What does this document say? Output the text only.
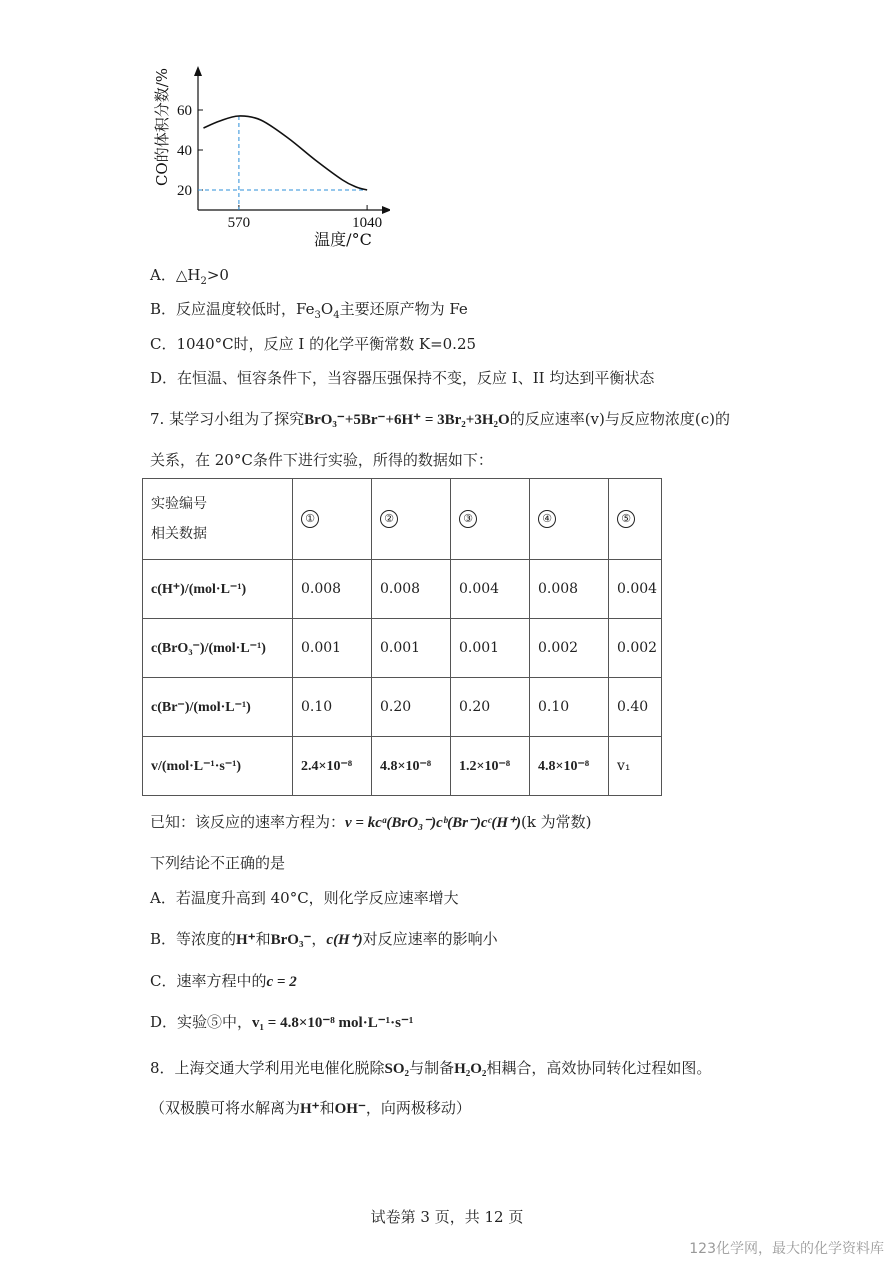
20
40
60
570	1040
温度/°C
CO的体积分数/%
A．$\triangle H_2>0$
B．反应温度较低时，$Fe_3O_4$主要还原产物为 Fe
C．1040°C时，反应 I 的化学平衡常数 K=0.25
D．在恒温、恒容条件下，当容器压强保持不变，反应 I、II 均达到平衡状态
7. 某学习小组为了探究BrO₃⁻+5Br⁻+6H⁺ = 3Br₂+3H₂O的反应速率(v)与反应物浓度(c)的
关系，在 20°C条件下进行实验，所得的数据如下：
实验编号
相关数据	①	②	③	④	⑤
c(H⁺)/(mol·L⁻¹)	0.008	0.008	0.004	0.008	0.004
c(BrO₃⁻)/(mol·L⁻¹)	0.001	0.001	0.001	0.002	0.002
c(Br⁻)/(mol·L⁻¹)	0.10	0.20	0.20	0.10	0.40
v/(mol·L⁻¹·s⁻¹)	2.4×10⁻⁸	4.8×10⁻⁸	1.2×10⁻⁸	4.8×10⁻⁸	v₁
已知：该反应的速率方程为：v = kcᵃ(BrO₃⁻)cᵇ(Br⁻)cᶜ(H⁺)(k 为常数)
下列结论不正确的是
A．若温度升高到 40°C，则化学反应速率增大
B．等浓度的H⁺和BrO₃⁻，c(H⁺)对反应速率的影响小
C．速率方程中的c = 2
D．实验⑤中，v₁ = 4.8×10⁻⁸ mol·L⁻¹·s⁻¹
8．上海交通大学利用光电催化脱除SO₂与制备H₂O₂相耦合，高效协同转化过程如图。
（双极膜可将水解离为H⁺和OH⁻，向两极移动）
试卷第 3 页，共 12 页
123化学网，最大的化学资料库
